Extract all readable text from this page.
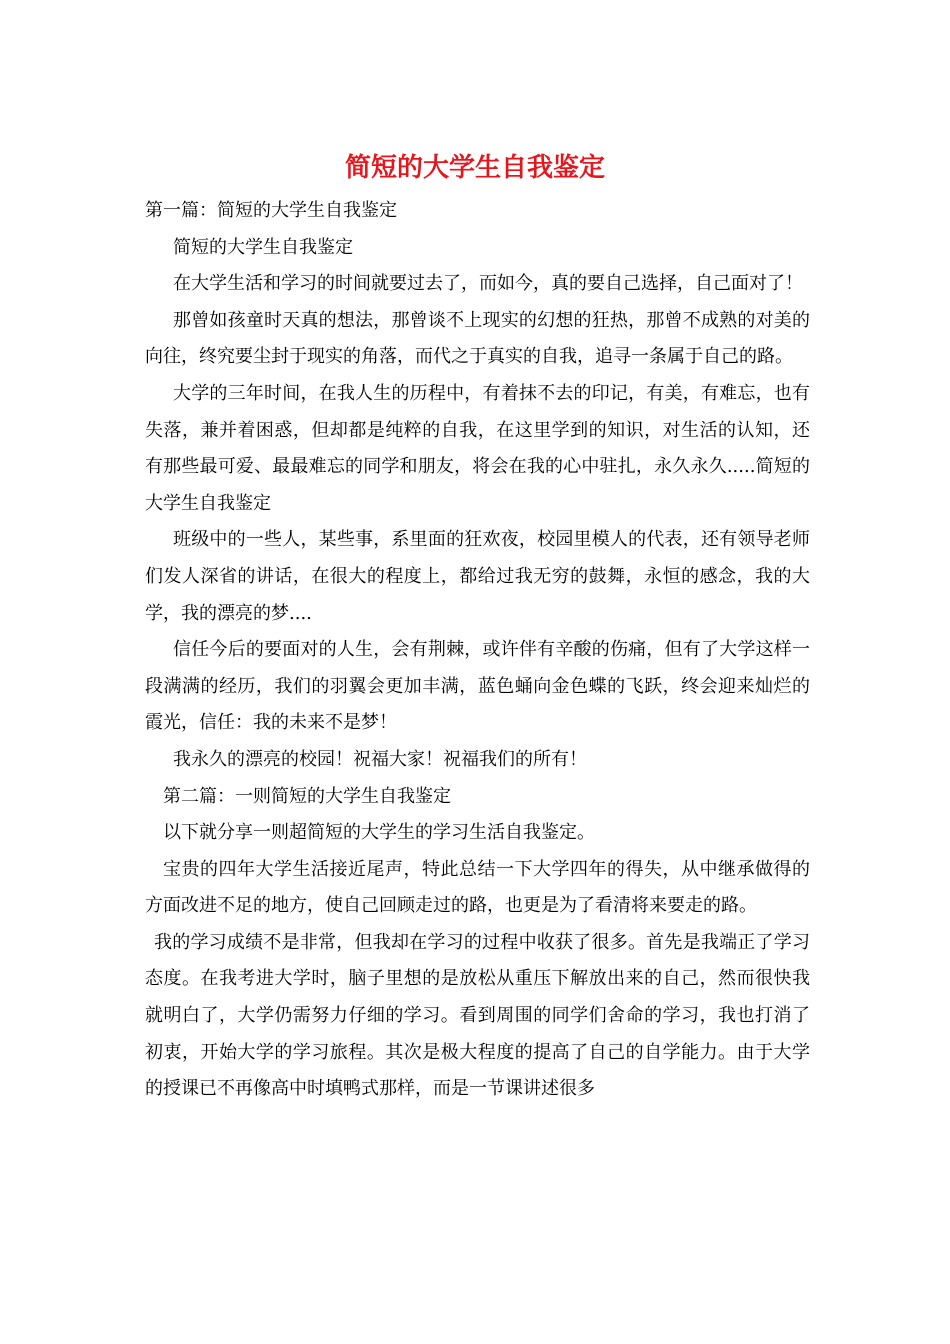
简短的大学生自我鉴定

第一篇：简短的大学生自我鉴定

简短的大学生自我鉴定

在大学生活和学习的时间就要过去了，而如今，真的要自己选择，自己面对了！

那曾如孩童时天真的想法，那曾谈不上现实的幻想的狂热，那曾不成熟的对美的向往，终究要尘封于现实的角落，而代之于真实的自我，追寻一条属于自己的路。

大学的三年时间，在我人生的历程中，有着抹不去的印记，有美，有难忘，也有失落，兼并着困惑，但却都是纯粹的自我，在这里学到的知识，对生活的认知，还有那些最可爱、最最难忘的同学和朋友，将会在我的心中驻扎，永久永久.....简短的大学生自我鉴定

班级中的一些人，某些事，系里面的狂欢夜，校园里模人的代表，还有领导老师们发人深省的讲话，在很大的程度上，都给过我无穷的鼓舞，永恒的感念，我的大学，我的漂亮的梦....

信任今后的要面对的人生，会有荆棘，或许伴有辛酸的伤痛，但有了大学这样一段满满的经历，我们的羽翼会更加丰满，蓝色蛹向金色蝶的飞跃，终会迎来灿烂的霞光，信任：我的未来不是梦！

我永久的漂亮的校园！祝福大家！祝福我们的所有！

第二篇：一则简短的大学生自我鉴定

以下就分享一则超简短的大学生的学习生活自我鉴定。

宝贵的四年大学生活接近尾声，特此总结一下大学四年的得失，从中继承做得的方面改进不足的地方，使自己回顾走过的路，也更是为了看清将来要走的路。

我的学习成绩不是非常，但我却在学习的过程中收获了很多。首先是我端正了学习态度。在我考进大学时，脑子里想的是放松从重压下解放出来的自己，然而很快我就明白了，大学仍需努力仔细的学习。看到周围的同学们舍命的学习，我也打消了初衷，开始大学的学习旅程。其次是极大程度的提高了自己的自学能力。由于大学的授课已不再像高中时填鸭式那样，而是一节课讲述很多
